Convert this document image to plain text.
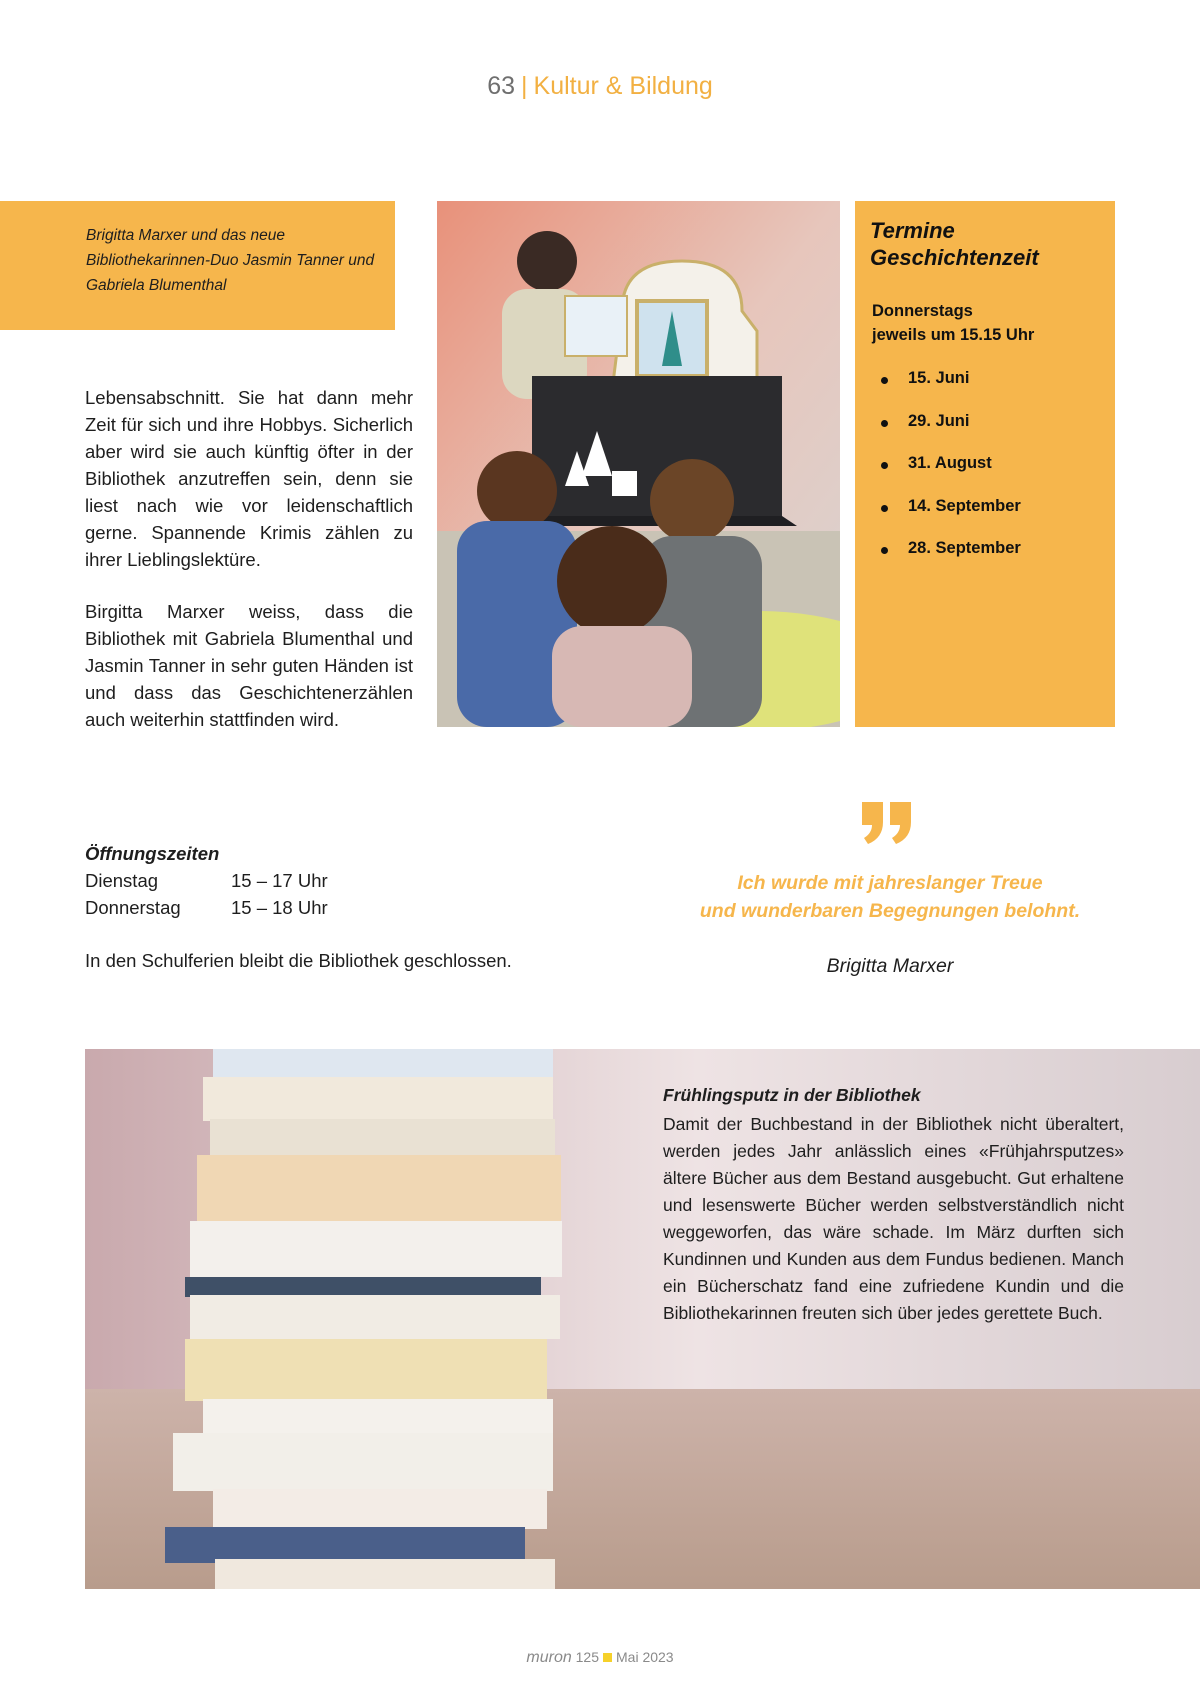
63 | Kultur & Bildung
Brigitta Marxer und das neue Bibliothekarinnen-Duo Jasmin Tanner und Gabriela Blumenthal
Lebensabschnitt. Sie hat dann mehr Zeit für sich und ihre Hobbys. Sicherlich aber wird sie auch künftig öfter in der Bibliothek anzutreffen sein, denn sie liest nach wie vor leidenschaftlich gerne. Spannende Krimis zählen zu ihrer Lieblingslektüre.
Birgitta Marxer weiss, dass die Bibliothek mit Gabriela Blumenthal und Jasmin Tanner in sehr guten Händen ist und dass das Geschichtenerzählen auch weiterhin stattfinden wird.
Termine
Geschichtenzeit
Donnerstags
jeweils um 15.15 Uhr
15. Juni
29. Juni
31. August
14. September
28. September
Öffnungszeiten
Dienstag	15 – 17 Uhr
Donnerstag	15 – 18 Uhr
In den Schulferien bleibt die Bibliothek geschlossen.
Ich wurde mit jahreslanger Treue
und wunderbaren Begegnungen belohnt.
Brigitta Marxer
Frühlingsputz in der Bibliothek
Damit der Buchbestand in der Bibliothek nicht überaltert, werden jedes Jahr anlässlich eines «Frühjahrsputzes» ältere Bücher aus dem Bestand ausgebucht. Gut erhaltene und lesenswerte Bücher werden selbstverständlich nicht weggeworfen, das wäre schade. Im März durften sich Kundinnen und Kunden aus dem Fundus bedienen. Manch ein Bücherschatz fand eine zufriedene Kundin und die Bibliothekarinnen freuten sich über jedes gerettete Buch.
muron 125 Mai 2023
